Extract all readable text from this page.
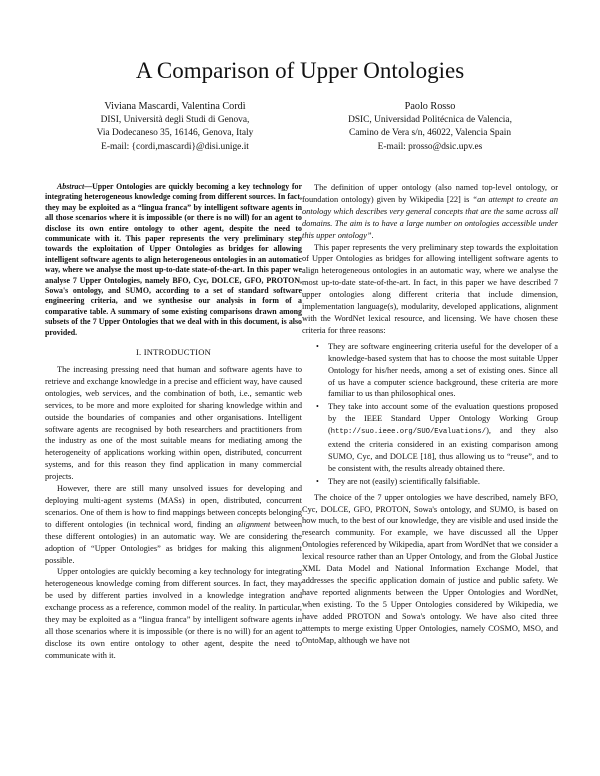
A Comparison of Upper Ontologies
Viviana Mascardi, Valentina Cordì
DISI, Università degli Studi di Genova,
Via Dodecaneso 35, 16146, Genova, Italy
E-mail: {cordi,mascardi}@disi.unige.it
Paolo Rosso
DSIC, Universidad Politécnica de Valencia,
Camino de Vera s/n, 46022, Valencia Spain
E-mail: prosso@dsic.upv.es

Abstract—Upper Ontologies are quickly becoming a key technology for integrating heterogeneous knowledge coming from different sources. In fact, they may be exploited as a “lingua franca” by intelligent software agents in all those scenarios where it is impossible (or there is no will) for an agent to disclose its own entire ontology to other agent, despite the need to communicate with it. This paper represents the very preliminary step towards the exploitation of Upper Ontologies as bridges for allowing intelligent software agents to align heterogeneous ontologies in an automatic way, where we analyse the most up-to-date state-of-the-art. In this paper we analyse 7 Upper Ontologies, namely BFO, Cyc, DOLCE, GFO, PROTON, Sowa's ontology, and SUMO, according to a set of standard software engineering criteria, and we synthesise our analysis in form of a comparative table. A summary of some existing comparisons drawn among subsets of the 7 Upper Ontologies that we deal with in this document, is also provided.

I. INTRODUCTION

The increasing pressing need that human and software agents have to retrieve and exchange knowledge in a precise and efficient way, have caused ontologies, web services, and the combination of both, i.e., semantic web services, to be more and more exploited for sharing knowledge within and outside the boundaries of companies and other organisations. Intelligent software agents are recognised by both researchers and practitioners from the industry as one of the most suitable means for mediating among the heterogeneity of applications working within open, distributed, concurrent systems, and for this reason they find application in many commercial projects.

However, there are still many unsolved issues for developing and deploying multi-agent systems (MASs) in open, distributed, concurrent scenarios. One of them is how to find mappings between concepts belonging to different ontologies (in technical word, finding an alignment between these different ontologies) in an automatic way. We are considering the adoption of “Upper Ontologies” as bridges for making this alignment possible.

Upper ontologies are quickly becoming a key technology for integrating heterogeneous knowledge coming from different sources. In fact, they may be used by different parties involved in a knowledge integration and exchange process as a reference, common model of the reality. In particular, they may be exploited as a “lingua franca” by intelligent software agents in all those scenarios where it is impossible (or there is no will) for an agent to disclose its own entire ontology to other agent, despite the need to communicate with it.

The definition of upper ontology (also named top-level ontology, or foundation ontology) given by Wikipedia [22] is “an attempt to create an ontology which describes very general concepts that are the same across all domains. The aim is to have a large number on ontologies accessible under this upper ontology”.

This paper represents the very preliminary step towards the exploitation of Upper Ontologies as bridges for allowing intelligent software agents to align heterogeneous ontologies in an automatic way, where we analyse the most up-to-date state-of-the-art. In fact, in this paper we have described 7 upper ontologies along different criteria that include dimension, implementation language(s), modularity, developed applications, alignment with the WordNet lexical resource, and licensing. We have chosen these criteria for three reasons:

• They are software engineering criteria useful for the developer of a knowledge-based system that has to choose the most suitable Upper Ontology for his/her needs, among a set of existing ones. Since all of us have a computer science background, these criteria are more familiar to us than philosophical ones.
• They take into account some of the evaluation questions proposed by the IEEE Standard Upper Ontology Working Group (http://suo.ieee.org/SUO/Evaluations/), and they also extend the criteria considered in an existing comparison among SUMO, Cyc, and DOLCE [18], thus allowing us to “reuse”, and to be consistent with, the results already obtained there.
• They are not (easily) scientifically falsifiable.

The choice of the 7 upper ontologies we have described, namely BFO, Cyc, DOLCE, GFO, PROTON, Sowa's ontology, and SUMO, is based on how much, to the best of our knowledge, they are visible and used inside the research community. For example, we have discussed all the Upper Ontologies referenced by Wikipedia, apart from WordNet that we consider a lexical resource rather than an Upper Ontology, and from the Global Justice XML Data Model and National Information Exchange Model, that addresses the specific application domain of justice and public safety. We have reported alignments between the Upper Ontologies and WordNet, when existing. To the 5 Upper Ontologies considered by Wikipedia, we have added PROTON and Sowa's ontology. We have also cited three attempts to merge existing Upper Ontologies, namely COSMO, MSO, and OntoMap, although we have not
